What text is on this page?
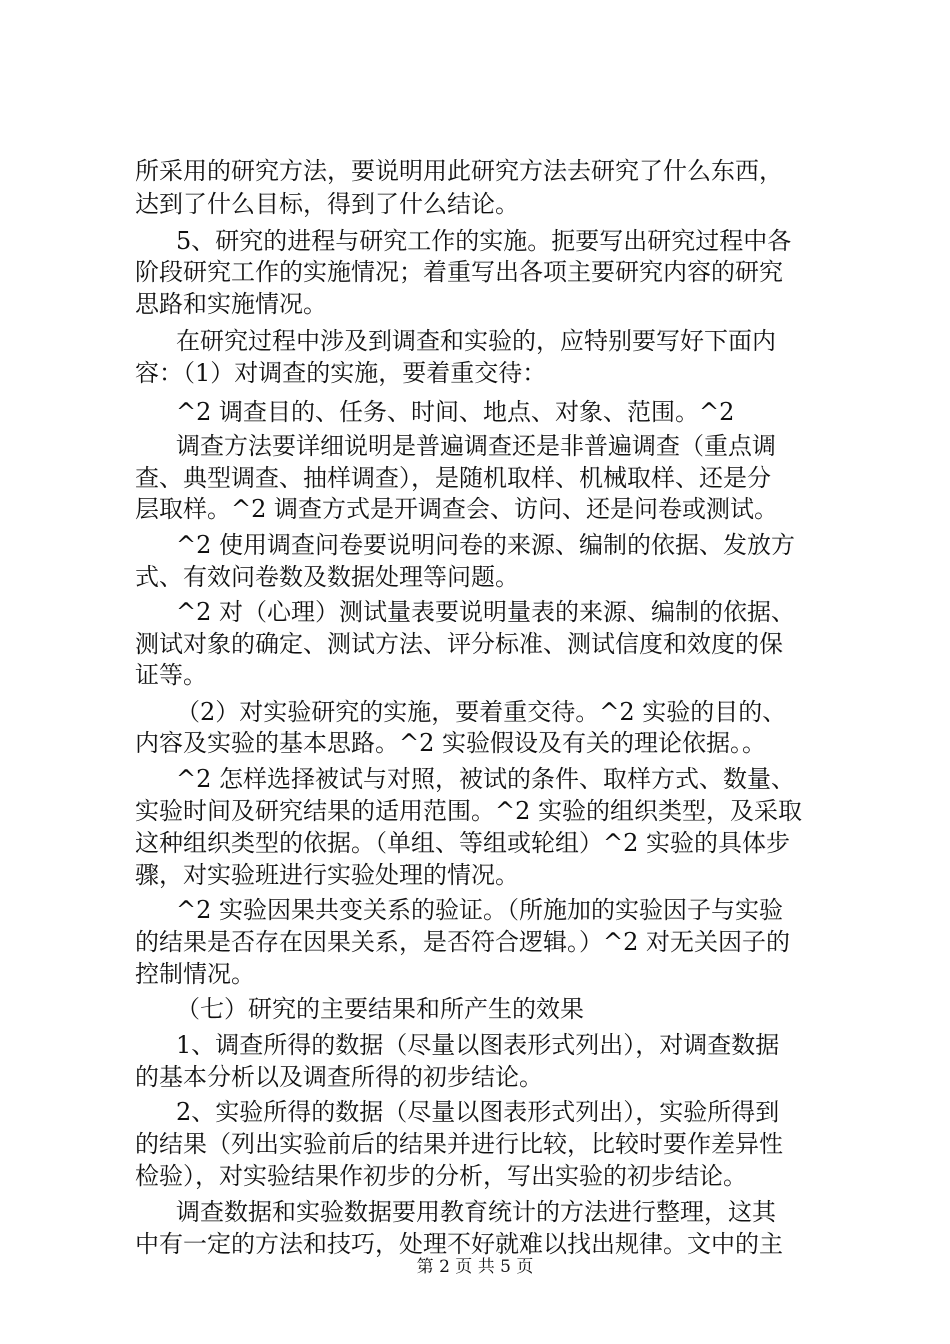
所采用的研究方法，要说明用此研究方法去研究了什么东西，

达到了什么目标，得到了什么结论。

5、研究的进程与研究工作的实施。扼要写出研究过程中各

阶段研究工作的实施情况；着重写出各项主要研究内容的研究

思路和实施情况。

在研究过程中涉及到调查和实验的，应特别要写好下面内

容：（1）对调查的实施，要着重交待：

^2 调查目的、任务、时间、地点、对象、范围。^2

调查方法要详细说明是普遍调查还是非普遍调查（重点调

查、典型调查、抽样调查），是随机取样、机械取样、还是分

层取样。^2 调查方式是开调查会、访问、还是问卷或测试。

^2 使用调查问卷要说明问卷的来源、编制的依据、发放方

式、有效问卷数及数据处理等问题。

^2 对（心理）测试量表要说明量表的来源、编制的依据、

测试对象的确定、测试方法、评分标准、测试信度和效度的保

证等。

（2）对实验研究的实施，要着重交待。^2 实验的目的、

内容及实验的基本思路。^2 实验假设及有关的理论依据。。

^2 怎样选择被试与对照，被试的条件、取样方式、数量、

实验时间及研究结果的适用范围。^2 实验的组织类型，及采取

这种组织类型的依据。（单组、等组或轮组）^2 实验的具体步

骤，对实验班进行实验处理的情况。

^2 实验因果共变关系的验证。（所施加的实验因子与实验

的结果是否存在因果关系，是否符合逻辑。）^2 对无关因子的

控制情况。

（七）研究的主要结果和所产生的效果

1、调查所得的数据（尽量以图表形式列出），对调查数据

的基本分析以及调查所得的初步结论。

2、实验所得的数据（尽量以图表形式列出），实验所得到

的结果（列出实验前后的结果并进行比较，比较时要作差异性

检验），对实验结果作初步的分析，写出实验的初步结论。

调查数据和实验数据要用教育统计的方法进行整理，这其

中有一定的方法和技巧，处理不好就难以找出规律。文中的主

第 2 页 共 5 页
